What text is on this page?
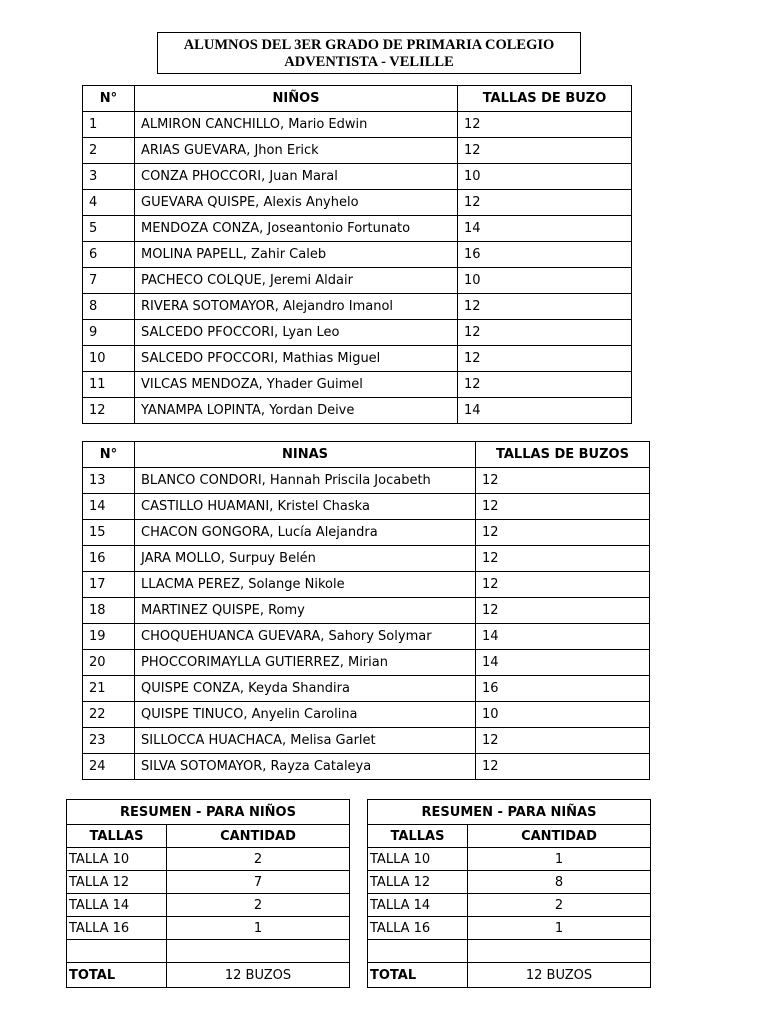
ALUMNOS DEL 3ER GRADO DE PRIMARIA COLEGIO
ADVENTISTA - VELILLE
N°	NIÑOS	TALLAS DE BUZO
1	ALMIRON CANCHILLO, Mario Edwin	12
2	ARIAS GUEVARA, Jhon Erick	12
3	CONZA PHOCCORI, Juan Maral	10
4	GUEVARA QUISPE, Alexis Anyhelo	12
5	MENDOZA CONZA, Joseantonio Fortunato	14
6	MOLINA PAPELL, Zahir Caleb	16
7	PACHECO COLQUE, Jeremi Aldair	10
8	RIVERA SOTOMAYOR, Alejandro Imanol	12
9	SALCEDO PFOCCORI, Lyan Leo	12
10	SALCEDO PFOCCORI, Mathias Miguel	12
11	VILCAS MENDOZA, Yhader Guimel	12
12	YANAMPA LOPINTA, Yordan Deive	14
N°	NINAS	TALLAS DE BUZOS
13	BLANCO CONDORI, Hannah Priscila Jocabeth	12
14	CASTILLO HUAMANI, Kristel Chaska	12
15	CHACON GONGORA, Lucía Alejandra	12
16	JARA MOLLO, Surpuy Belén	12
17	LLACMA PEREZ, Solange Nikole	12
18	MARTINEZ QUISPE, Romy	12
19	CHOQUEHUANCA GUEVARA, Sahory Solymar	14
20	PHOCCORIMAYLLA GUTIERREZ, Mirian	14
21	QUISPE CONZA, Keyda Shandira	16
22	QUISPE TINUCO, Anyelin Carolina	10
23	SILLOCCA HUACHACA, Melisa Garlet	12
24	SILVA SOTOMAYOR, Rayza Cataleya	12
RESUMEN - PARA NIÑOS	
TALLAS	CANTIDAD
TALLA 10	2
TALLA 12	7
TALLA 14	2
TALLA 16	1

TOTAL	12 BUZOS
RESUMEN - PARA NIÑAS	
TALLAS	CANTIDAD
TALLA 10	1
TALLA 12	8
TALLA 14	2
TALLA 16	1

TOTAL	12 BUZOS
